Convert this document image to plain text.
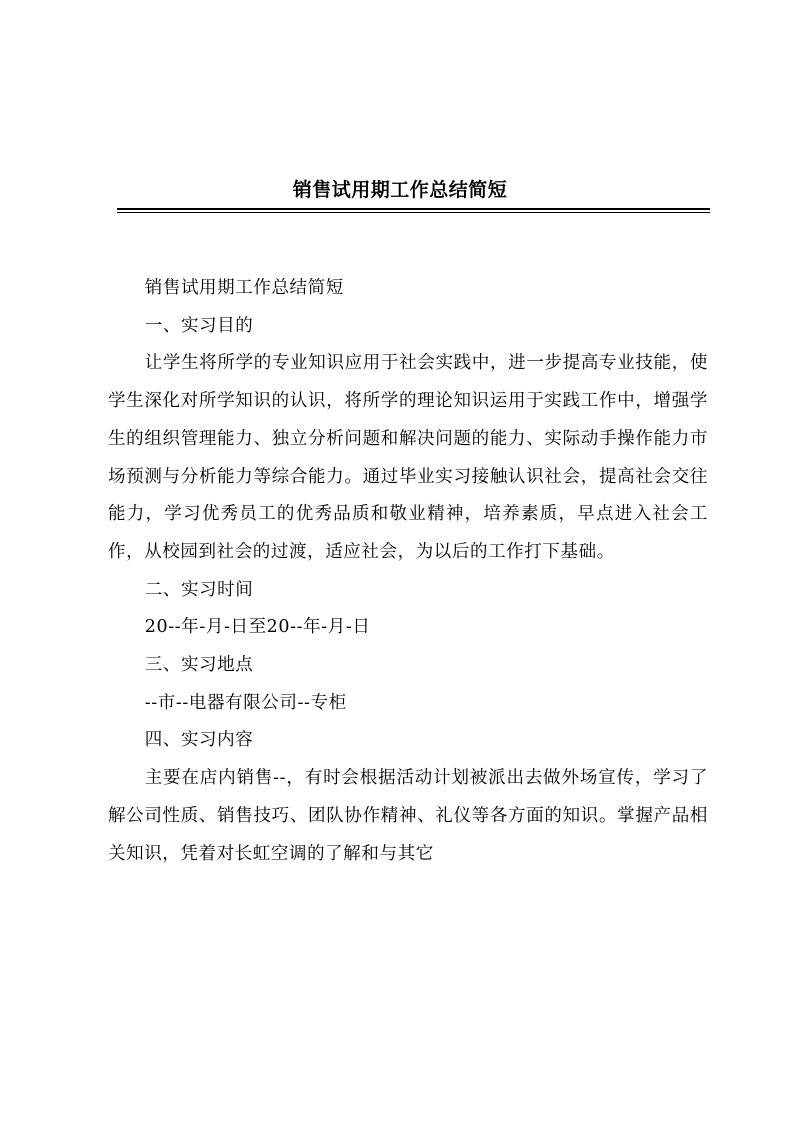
销售试用期工作总结简短

销售试用期工作总结简短

一、实习目的

让学生将所学的专业知识应用于社会实践中，进一步提高专业技能，使学生深化对所学知识的认识，将所学的理论知识运用于实践工作中，增强学生的组织管理能力、独立分析问题和解决问题的能力、实际动手操作能力市场预测与分析能力等综合能力。通过毕业实习接触认识社会，提高社会交往能力，学习优秀员工的优秀品质和敬业精神，培养素质，早点进入社会工作，从校园到社会的过渡，适应社会，为以后的工作打下基础。

二、实习时间

20--年-月-日至20--年-月-日

三、实习地点

--市--电器有限公司--专柜

四、实习内容

主要在店内销售--，有时会根据活动计划被派出去做外场宣传，学习了解公司性质、销售技巧、团队协作精神、礼仪等各方面的知识。掌握产品相关知识，凭着对长虹空调的了解和与其它
